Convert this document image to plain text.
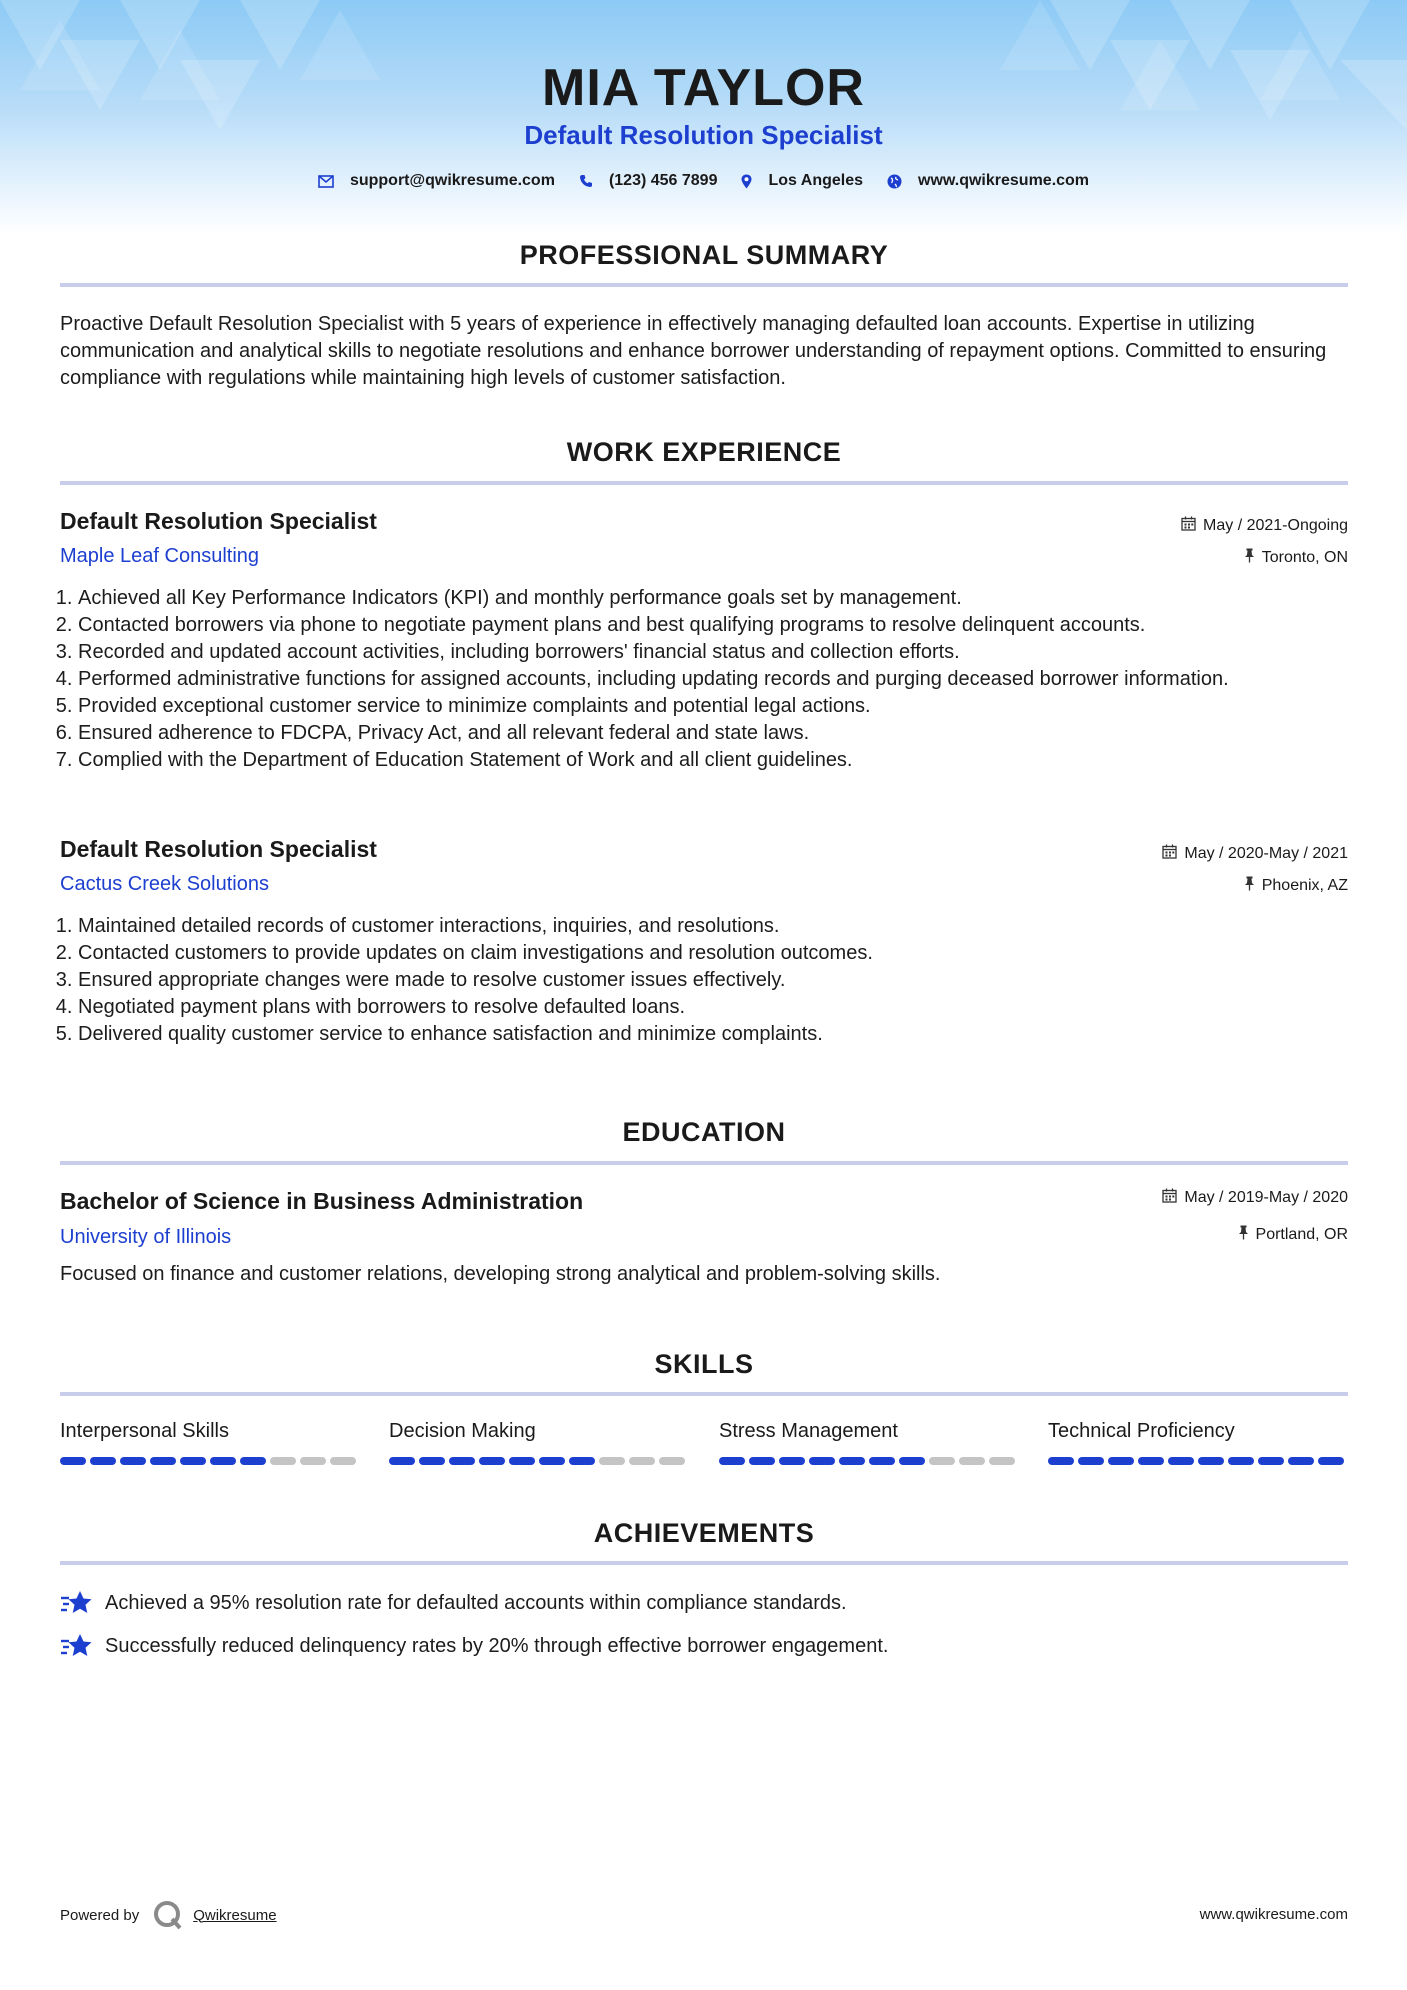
MIA TAYLOR
Default Resolution Specialist
support@qwikresume.com	(123) 456 7899	Los Angeles	www.qwikresume.com
PROFESSIONAL SUMMARY
Proactive Default Resolution Specialist with 5 years of experience in effectively managing defaulted loan accounts. Expertise in utilizing communication and analytical skills to negotiate resolutions and enhance borrower understanding of repayment options. Committed to ensuring compliance with regulations while maintaining high levels of customer satisfaction.
WORK EXPERIENCE
Default Resolution Specialist
Maple Leaf Consulting
May / 2021-Ongoing
Toronto, ON
1. Achieved all Key Performance Indicators (KPI) and monthly performance goals set by management.
2. Contacted borrowers via phone to negotiate payment plans and best qualifying programs to resolve delinquent accounts.
3. Recorded and updated account activities, including borrowers' financial status and collection efforts.
4. Performed administrative functions for assigned accounts, including updating records and purging deceased borrower information.
5. Provided exceptional customer service to minimize complaints and potential legal actions.
6. Ensured adherence to FDCPA, Privacy Act, and all relevant federal and state laws.
7. Complied with the Department of Education Statement of Work and all client guidelines.
Default Resolution Specialist
Cactus Creek Solutions
May / 2020-May / 2021
Phoenix, AZ
1. Maintained detailed records of customer interactions, inquiries, and resolutions.
2. Contacted customers to provide updates on claim investigations and resolution outcomes.
3. Ensured appropriate changes were made to resolve customer issues effectively.
4. Negotiated payment plans with borrowers to resolve defaulted loans.
5. Delivered quality customer service to enhance satisfaction and minimize complaints.
EDUCATION
Bachelor of Science in Business Administration
University of Illinois
May / 2019-May / 2020
Portland, OR
Focused on finance and customer relations, developing strong analytical and problem-solving skills.
SKILLS
Interpersonal Skills	Decision Making	Stress Management	Technical Proficiency
ACHIEVEMENTS
Achieved a 95% resolution rate for defaulted accounts within compliance standards.
Successfully reduced delinquency rates by 20% through effective borrower engagement.
Powered by	Qwikresume	www.qwikresume.com
